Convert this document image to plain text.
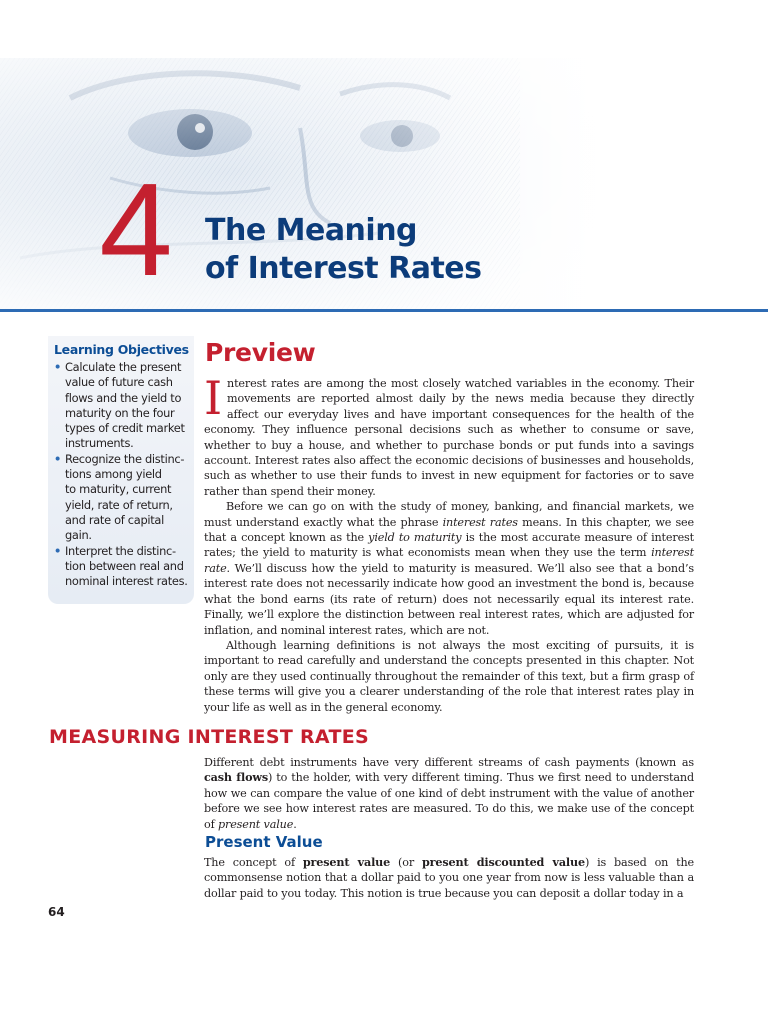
4	The Meaning
of Interest Rates
Learning Objectives
• Calculate the present
value of future cash
flows and the yield to
maturity on the four
types of credit market
instruments.
• Recognize the distinc-
tions among yield
to maturity, current
yield, rate of return,
and rate of capital
gain.
• Interpret the distinc-
tion between real and
nominal interest rates.
Preview

Interest rates are among the most closely watched variables in the economy. Their movements are reported almost daily by the news media because they directly affect our everyday lives and have important consequences for the health of the economy. They influence personal decisions such as whether to consume or save, whether to buy a house, and whether to purchase bonds or put funds into a savings account. Interest rates also affect the economic decisions of businesses and households, such as whether to use their funds to invest in new equipment for factories or to save rather than spend their money.

Before we can go on with the study of money, banking, and financial markets, we must understand exactly what the phrase interest rates means. In this chapter, we see that a concept known as the yield to maturity is the most accurate measure of interest rates; the yield to maturity is what economists mean when they use the term interest rate. We’ll discuss how the yield to maturity is measured. We’ll also see that a bond’s interest rate does not necessarily indicate how good an investment the bond is, because what the bond earns (its rate of return) does not necessarily equal its interest rate. Finally, we’ll explore the distinction between real interest rates, which are adjusted for inflation, and nominal interest rates, which are not.

Although learning definitions is not always the most exciting of pursuits, it is important to read carefully and understand the concepts presented in this chapter. Not only are they used continually throughout the remainder of this text, but a firm grasp of these terms will give you a clearer understanding of the role that interest rates play in your life as well as in the general economy.

MEASURING INTEREST RATES

Different debt instruments have very different streams of cash payments (known as cash flows) to the holder, with very different timing. Thus we first need to understand how we can compare the value of one kind of debt instrument with the value of another before we see how interest rates are measured. To do this, we make use of the concept of present value.

Present Value

The concept of present value (or present discounted value) is based on the commonsense notion that a dollar paid to you one year from now is less valuable than a dollar paid to you today. This notion is true because you can deposit a dollar today in a

64
